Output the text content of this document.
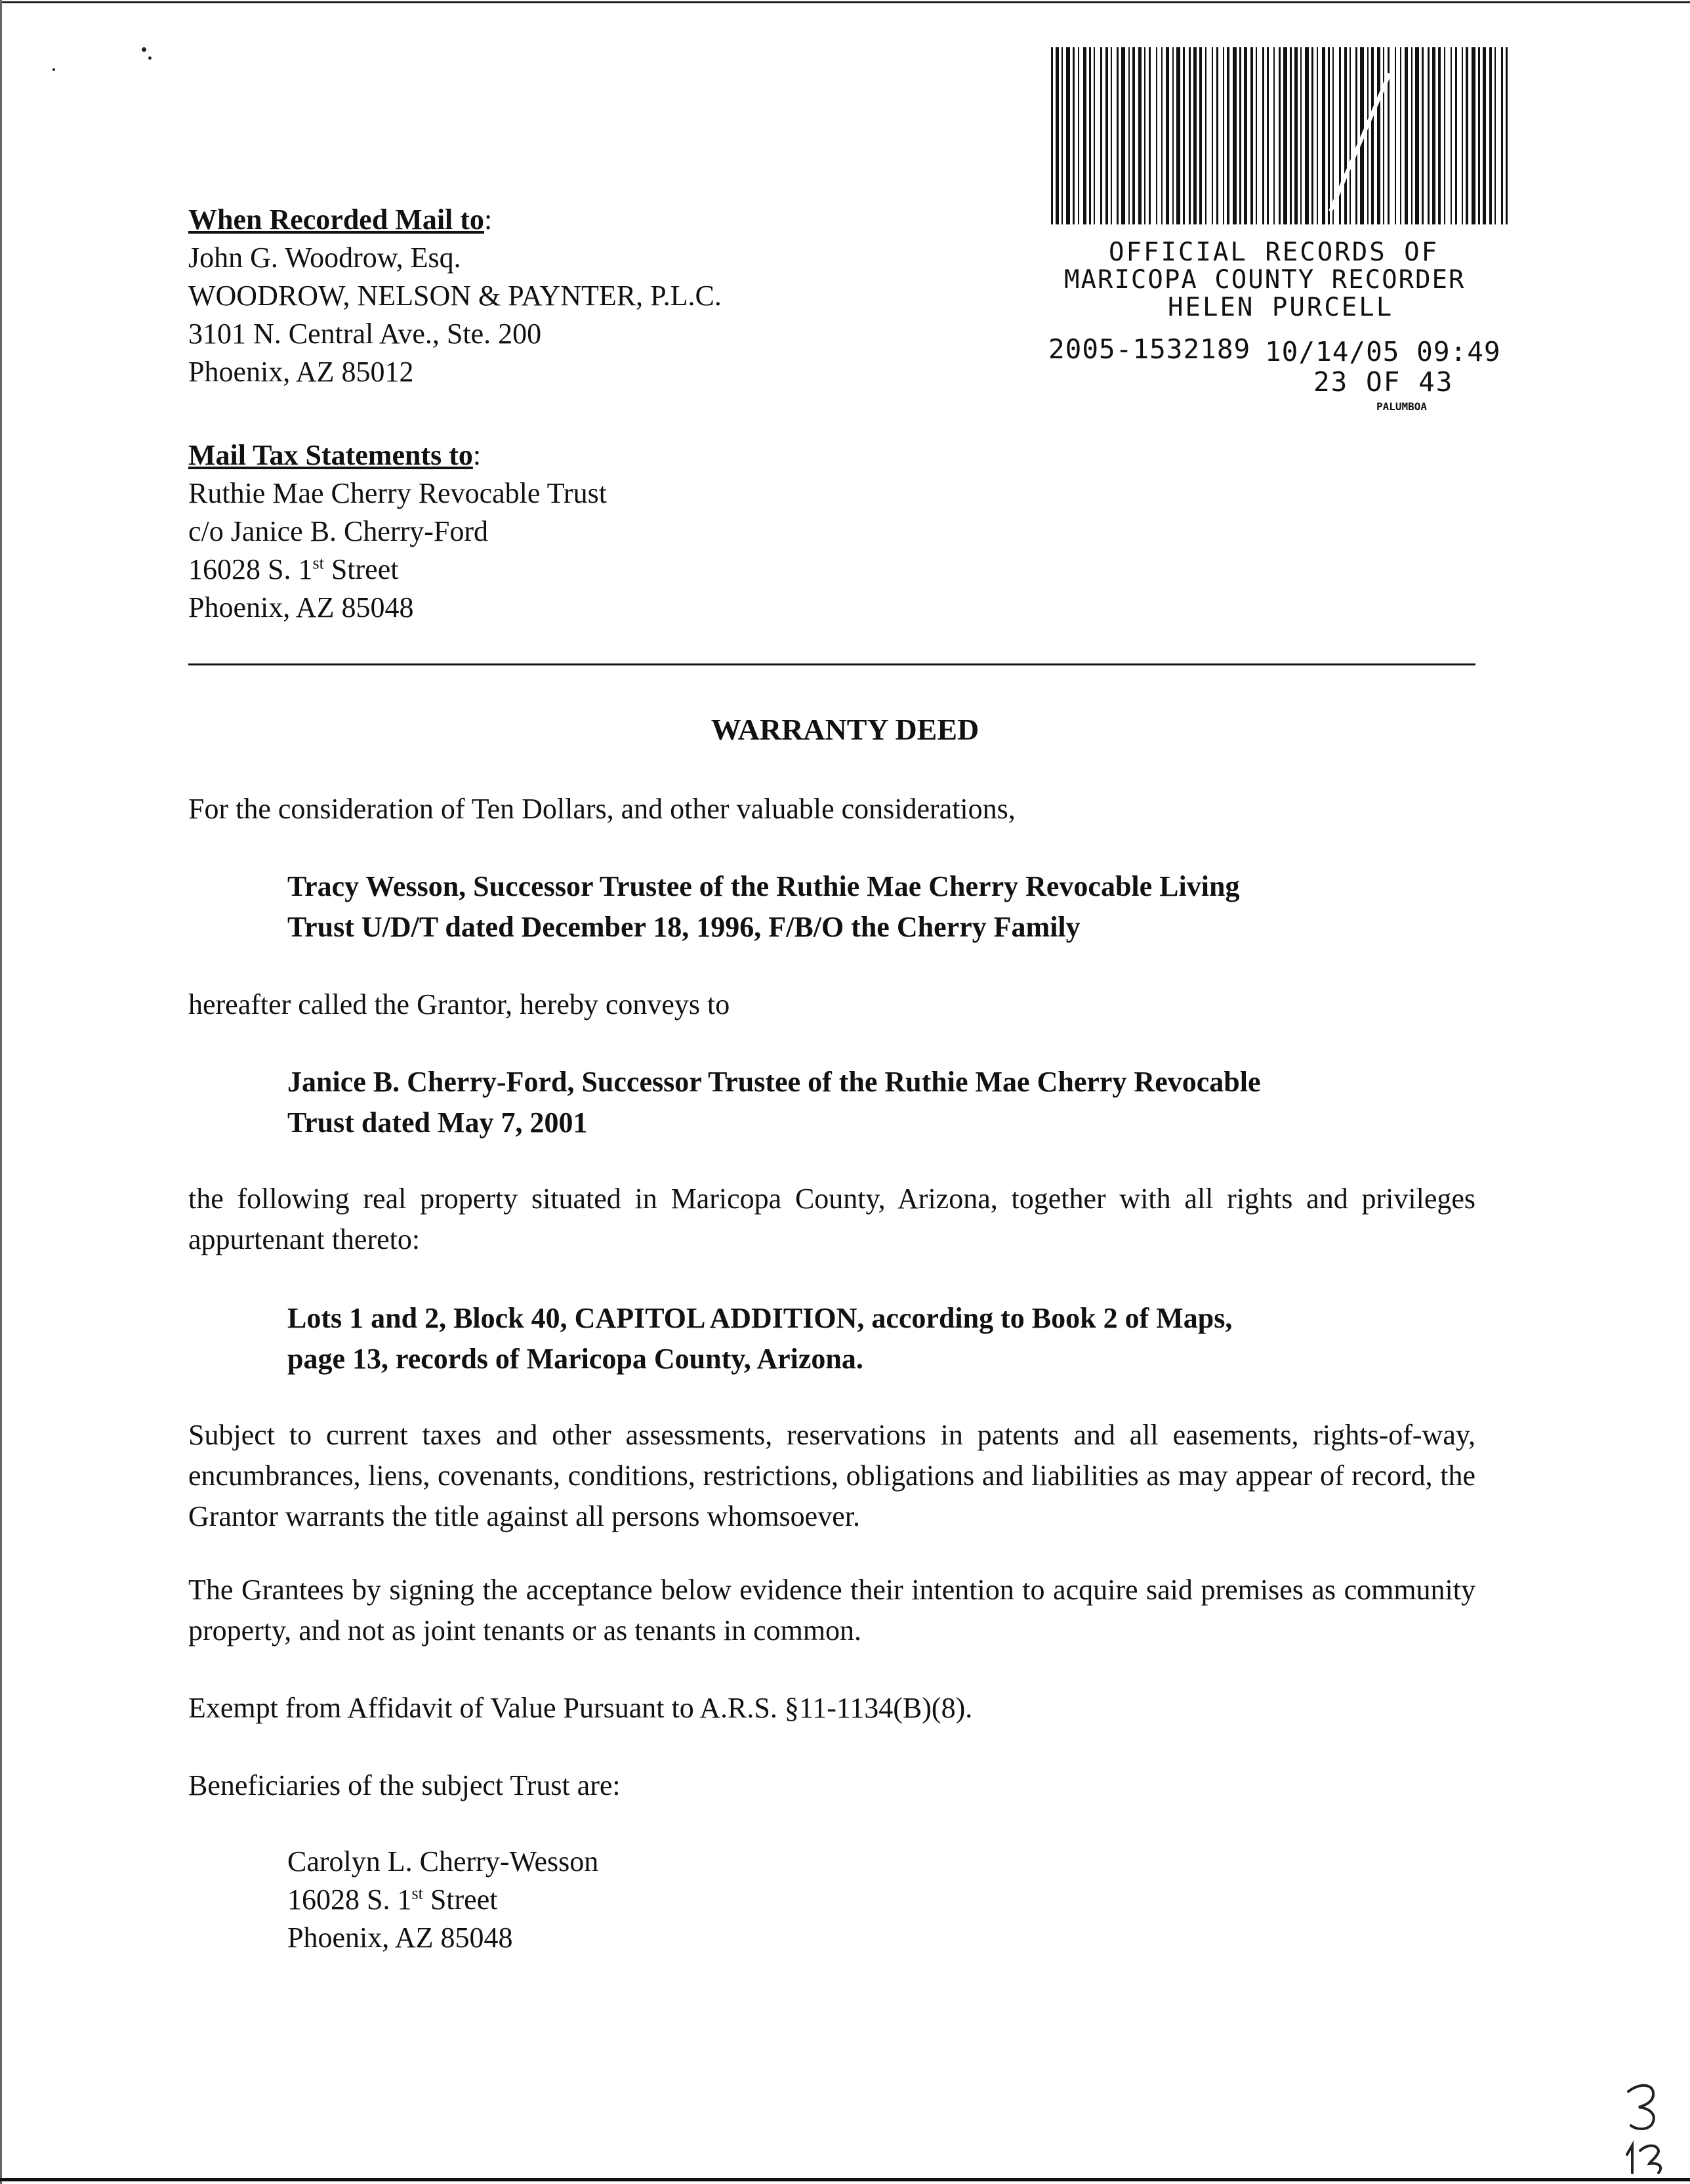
When Recorded Mail to:
John G. Woodrow, Esq.
WOODROW, NELSON & PAYNTER, P.L.C.
3101 N. Central Ave., Ste. 200
Phoenix, AZ 85012
Mail Tax Statements to:
Ruthie Mae Cherry Revocable Trust
c/o Janice B. Cherry-Ford
16028 S. 1st Street
Phoenix, AZ 85048
OFFICIAL RECORDS OF
MARICOPA COUNTY RECORDER
HELEN PURCELL
2005-1532189 10/14/05 09:49
23 OF 43
PALUMBOA
WARRANTY DEED
For the consideration of Ten Dollars, and other valuable considerations,
Tracy Wesson, Successor Trustee of the Ruthie Mae Cherry Revocable Living
Trust U/D/T dated December 18, 1996, F/B/O the Cherry Family
hereafter called the Grantor, hereby conveys to
Janice B. Cherry-Ford, Successor Trustee of the Ruthie Mae Cherry Revocable
Trust dated May 7, 2001
the following real property situated in Maricopa County, Arizona, together with all rights and privileges appurtenant thereto:
Lots 1 and 2, Block 40, CAPITOL ADDITION, according to Book 2 of Maps,
page 13, records of Maricopa County, Arizona.
Subject to current taxes and other assessments, reservations in patents and all easements, rights-of-way, encumbrances, liens, covenants, conditions, restrictions, obligations and liabilities as may appear of record, the Grantor warrants the title against all persons whomsoever.
The Grantees by signing the acceptance below evidence their intention to acquire said premises as community property, and not as joint tenants or as tenants in common.
Exempt from Affidavit of Value Pursuant to A.R.S. §11-1134(B)(8).
Beneficiaries of the subject Trust are:
Carolyn L. Cherry-Wesson
16028 S. 1st Street
Phoenix, AZ 85048
